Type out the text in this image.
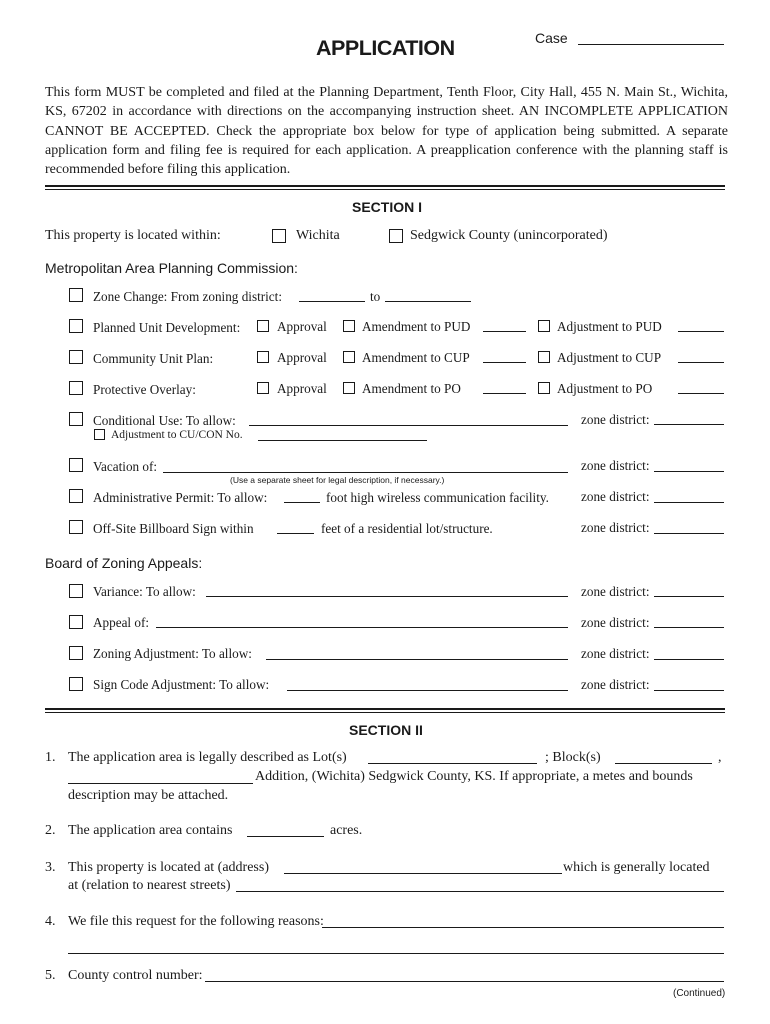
APPLICATION	Case
This form MUST be completed and filed at the Planning Department, Tenth Floor, City Hall, 455 N. Main St., Wichita, KS, 67202 in accordance with directions on the accompanying instruction sheet. AN INCOMPLETE APPLICATION CANNOT BE ACCEPTED. Check the appropriate box below for type of application being submitted. A separate application form and filing fee is required for each application. A preapplication conference with the planning staff is recommended before filing this application.
SECTION I
This property is located within:	Wichita	Sedgwick County (unincorporated)
Metropolitan Area Planning Commission:
Zone Change: From zoning district:	to
Planned Unit Development:	Approval	Amendment to PUD	Adjustment to PUD
Community Unit Plan:	Approval	Amendment to CUP	Adjustment to CUP
Protective Overlay:	Approval	Amendment to PO	Adjustment to PO
Conditional Use: To allow:	zone district:
Adjustment to CU/CON No.
Vacation of:	zone district:
(Use a separate sheet for legal description, if necessary.)
Administrative Permit: To allow:	foot high wireless communication facility. zone district:
Off-Site Billboard Sign within	feet of a residential lot/structure.	zone district:
Board of Zoning Appeals:
Variance: To allow:	zone district:
Appeal of:	zone district:
Zoning Adjustment: To allow:	zone district:
Sign Code Adjustment: To allow:	zone district:
SECTION II
1. The application area is legally described as Lot(s)	; Block(s)	,
Addition, (Wichita) Sedgwick County, KS. If appropriate, a metes and bounds
description may be attached.
2. The application area contains	acres.
3. This property is located at (address)	which is generally located
at (relation to nearest streets)
4. We file this request for the following reasons:
5. County control number:
(Continued)
